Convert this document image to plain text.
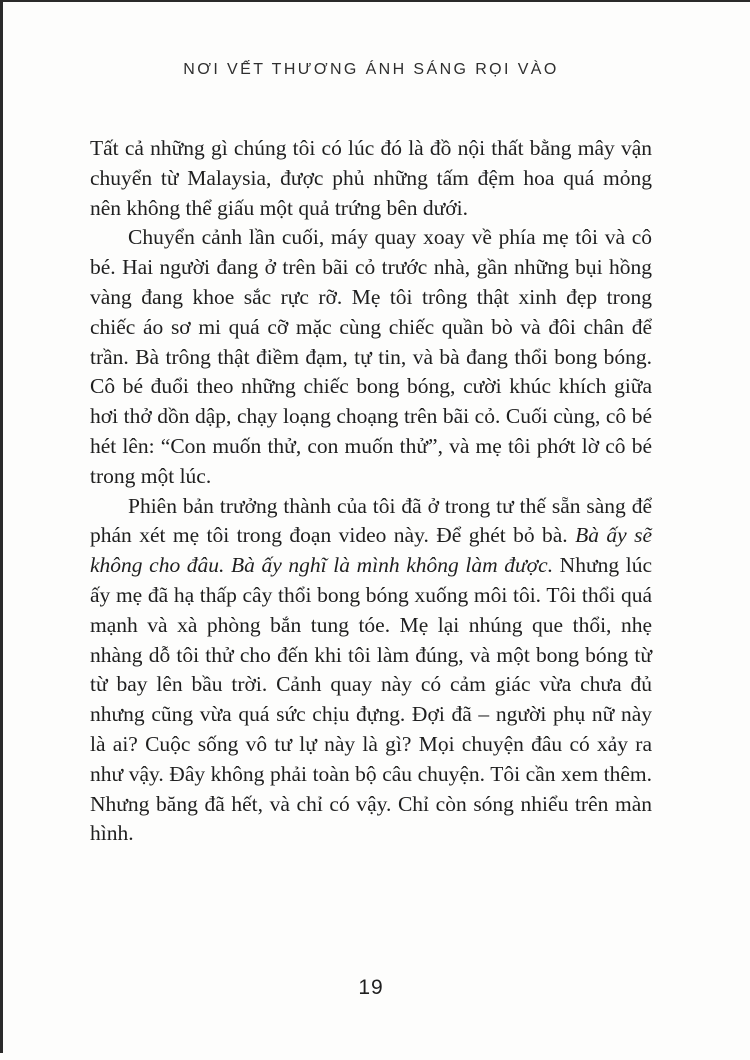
NƠI VẾT THƯƠNG ÁNH SÁNG RỌI VÀO

Tất cả những gì chúng tôi có lúc đó là đồ nội thất bằng mây vận chuyển từ Malaysia, được phủ những tấm đệm hoa quá mỏng nên không thể giấu một quả trứng bên dưới.

Chuyển cảnh lần cuối, máy quay xoay về phía mẹ tôi và cô bé. Hai người đang ở trên bãi cỏ trước nhà, gần những bụi hồng vàng đang khoe sắc rực rỡ. Mẹ tôi trông thật xinh đẹp trong chiếc áo sơ mi quá cỡ mặc cùng chiếc quần bò và đôi chân để trần. Bà trông thật điềm đạm, tự tin, và bà đang thổi bong bóng. Cô bé đuổi theo những chiếc bong bóng, cười khúc khích giữa hơi thở dồn dập, chạy loạng choạng trên bãi cỏ. Cuối cùng, cô bé hét lên: “Con muốn thử, con muốn thử”, và mẹ tôi phớt lờ cô bé trong một lúc.

Phiên bản trưởng thành của tôi đã ở trong tư thế sẵn sàng để phán xét mẹ tôi trong đoạn video này. Để ghét bỏ bà. Bà ấy sẽ không cho đâu. Bà ấy nghĩ là mình không làm được. Nhưng lúc ấy mẹ đã hạ thấp cây thổi bong bóng xuống môi tôi. Tôi thổi quá mạnh và xà phòng bắn tung tóe. Mẹ lại nhúng que thổi, nhẹ nhàng dỗ tôi thử cho đến khi tôi làm đúng, và một bong bóng từ từ bay lên bầu trời. Cảnh quay này có cảm giác vừa chưa đủ nhưng cũng vừa quá sức chịu đựng. Đợi đã – người phụ nữ này là ai? Cuộc sống vô tư lự này là gì? Mọi chuyện đâu có xảy ra như vậy. Đây không phải toàn bộ câu chuyện. Tôi cần xem thêm. Nhưng băng đã hết, và chỉ có vậy. Chỉ còn sóng nhiểu trên màn hình.

19
